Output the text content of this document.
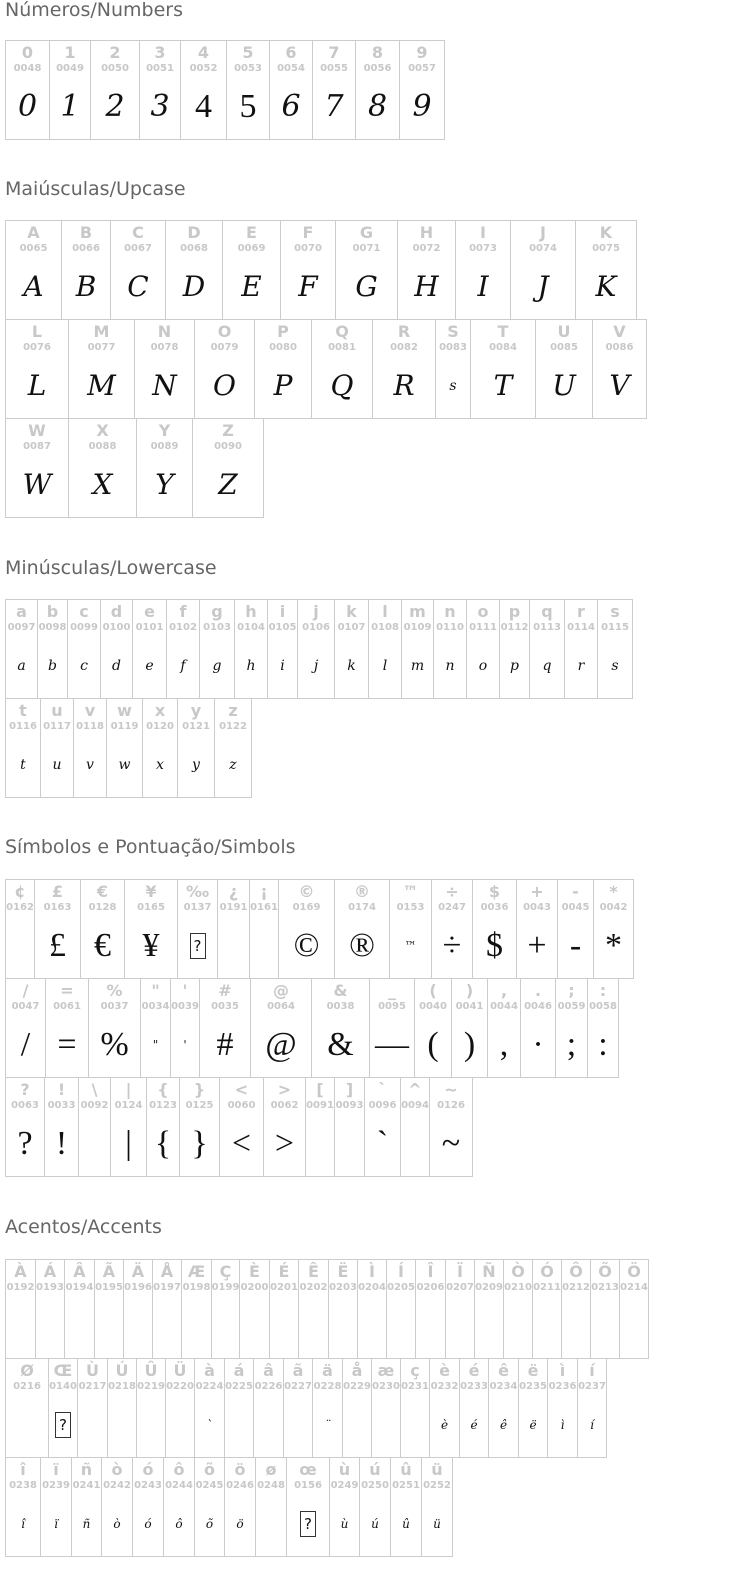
Números/Numbers
0
0048
0
1
0049
1
2
0050
2
3
0051
3
4
0052
4
5
0053
5
6
0054
6
7
0055
7
8
0056
8
9
0057
9
Maiúsculas/Upcase
A
0065
A
B
0066
B
C
0067
C
D
0068
D
E
0069
E
F
0070
F
G
0071
G
H
0072
H
I
0073
I
J
0074
J
K
0075
K
L
0076
L
M
0077
M
N
0078
N
O
0079
O
P
0080
P
Q
0081
Q
R
0082
R
S
0083
s
T
0084
T
U
0085
U
V
0086
V
W
0087
W
X
0088
X
Y
0089
Y
Z
0090
Z
Minúsculas/Lowercase
a
0097
a
b
0098
b
c
0099
c
d
0100
d
e
0101
e
f
0102
f
g
0103
g
h
0104
h
i
0105
i
j
0106
j
k
0107
k
l
0108
l
m
0109
m
n
0110
n
o
0111
o
p
0112
p
q
0113
q
r
0114
r
s
0115
s
t
0116
t
u
0117
u
v
0118
v
w
0119
w
x
0120
x
y
0121
y
z
0122
z
Símbolos e Pontuação/Simbols
¢
0162
£
0163
£
€
0128
€
¥
0165
¥
‰
0137
?
¿
0191
¡
0161
©
0169
©
®
0174
®
™
0153
™
÷
0247
÷
$
0036
$
+
0043
+
-
0045
-
*
0042
*
/
0047
/
=
0061
=
%
0037
%
"
0034
"
'
0039
'
#
0035
#
@
0064
@
&
0038
&
_
0095
—
(
0040
(
)
0041
)
,
0044
,
.
0046
·
;
0059
;
:
0058
:
?
0063
?
!
0033
!
\
0092
|
0124
|
{
0123
{
}
0125
}
<
0060
<
>
0062
>
[
0091
]
0093
`
0096
`
^
0094
~
0126
~
Acentos/Accents
À
0192
Á
0193
Â
0194
Ã
0195
Ä
0196
Å
0197
Æ
0198
Ç
0199
È
0200
É
0201
Ê
0202
Ë
0203
Ì
0204
Í
0205
Î
0206
Ï
0207
Ñ
0209
Ò
0210
Ó
0211
Ô
0212
Õ
0213
Ö
0214
Ø
0216
Œ
0140
?
Ù
0217
Ú
0218
Û
0219
Ü
0220
à
0224
`
á
0225
â
0226
ã
0227
ä
0228
¨
å
0229
æ
0230
ç
0231
è
0232
è
é
0233
é
ê
0234
ê
ë
0235
ë
ì
0236
ì
í
0237
í
î
0238
î
ï
0239
ï
ñ
0241
ñ
ò
0242
ò
ó
0243
ó
ô
0244
ô
õ
0245
õ
ö
0246
ö
ø
0248
œ
0156
?
ù
0249
ù
ú
0250
ú
û
0251
û
ü
0252
ü
